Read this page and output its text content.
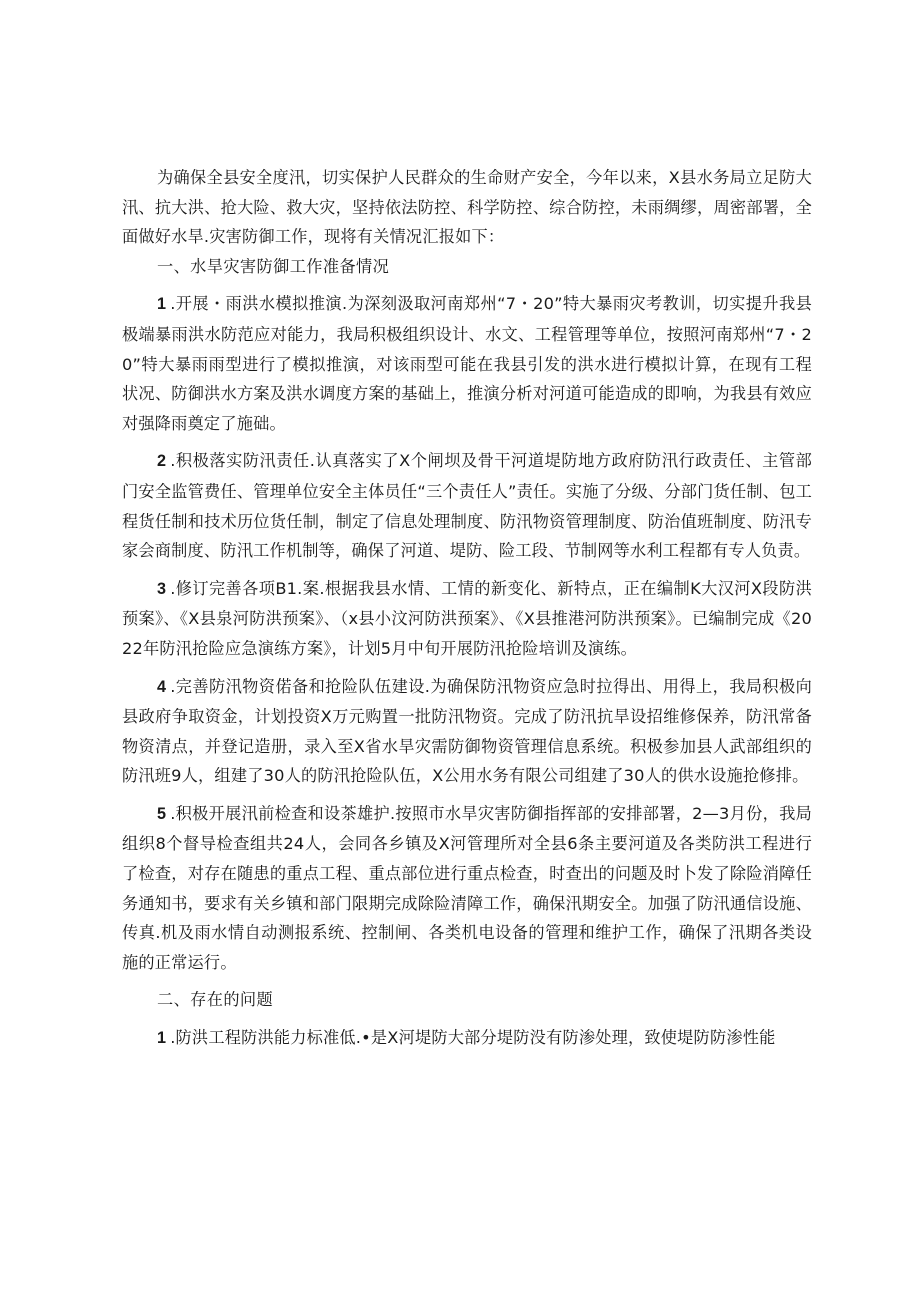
为确保全县安全度汛，切实保护人民群众的生命财产安全，今年以来，X县水务局立足防大汛、抗大洪、抢大险、救大灾，坚持依法防控、科学防控、综合防控，未雨绸缪，周密部署，全面做好水旱.灾害防御工作，现将有关情况汇报如下：

一、水旱灾害防御工作准备情况

1 .开展・雨洪水模拟推演.为深刻汲取河南郑州“7・20”特大暴雨灾考教训，切实提升我县极端暴雨洪水防范应对能力，我局积极组织设计、水文、工程管理等单位，按照河南郑州“7・20”特大暴雨雨型进行了模拟推演，对该雨型可能在我县引发的洪水进行模拟计算，在现有工程状况、防御洪水方案及洪水调度方案的基础上，推演分析对河道可能造成的即响，为我县有效应对强降雨奠定了施础。

2 .积极落实防汛责任.认真落实了X个闸坝及骨干河道堤防地方政府防汛行政责任、主管部门安全监管费任、管理单位安全主体员任“三个责任人”责任。实施了分级、分部门货任制、包工程货任制和技术历位货任制，制定了信息处理制度、防汛物资管理制度、防治值班制度、防汛专家会商制度、防汛工作机制等，确保了河道、堤防、险工段、节制网等水利工程都有专人负责。

3 .修订完善各项B1.案.根据我县水情、工情的新变化、新特点，正在编制K大汉河X段防洪预案》、《X县泉河防洪预案》、（x县小汶河防洪预案》、《X县推港河防洪预案》。已编制完成《2022年防汛抢险应急演练方案》，计划5月中旬开展防汛抢险培训及演练。

4 .完善防汛物资偌备和抢险队伍建设.为确保防汛物资应急时拉得出、用得上，我局积极向县政府争取资金，计划投资X万元购置一批防汛物资。完成了防汛抗旱设招维修保养，防汛常备物资清点，并登记造册，录入至X省水旱灾需防御物资管理信息系统。积极参加县人武部组织的防汛班9人，组建了30人的防汛抢险队伍，X公用水务有限公司组建了30人的供水设施抢修排。

5 .积极开展汛前检查和设茶雄护.按照市水旱灾害防御指挥部的安排部署，2—3月份，我局组织8个督导检查组共24人，会同各乡镇及X河管理所对全县6条主要河道及各类防洪工程进行了检查，对存在随患的重点工程、重点部位进行重点检查，时查出的问题及时卜发了除险消障任务通知书，要求有关乡镇和部门限期完成除险清障工作，确保汛期安全。加强了防汛通信设施、传真.机及雨水情自动测报系统、控制闸、各类机电设备的管理和维护工作，确保了汛期各类设施的正常运行。

二、存在的问题

1 .防洪工程防洪能力标准低.•是X河堤防大部分堤防没有防渗处理，致使堤防防渗性能
